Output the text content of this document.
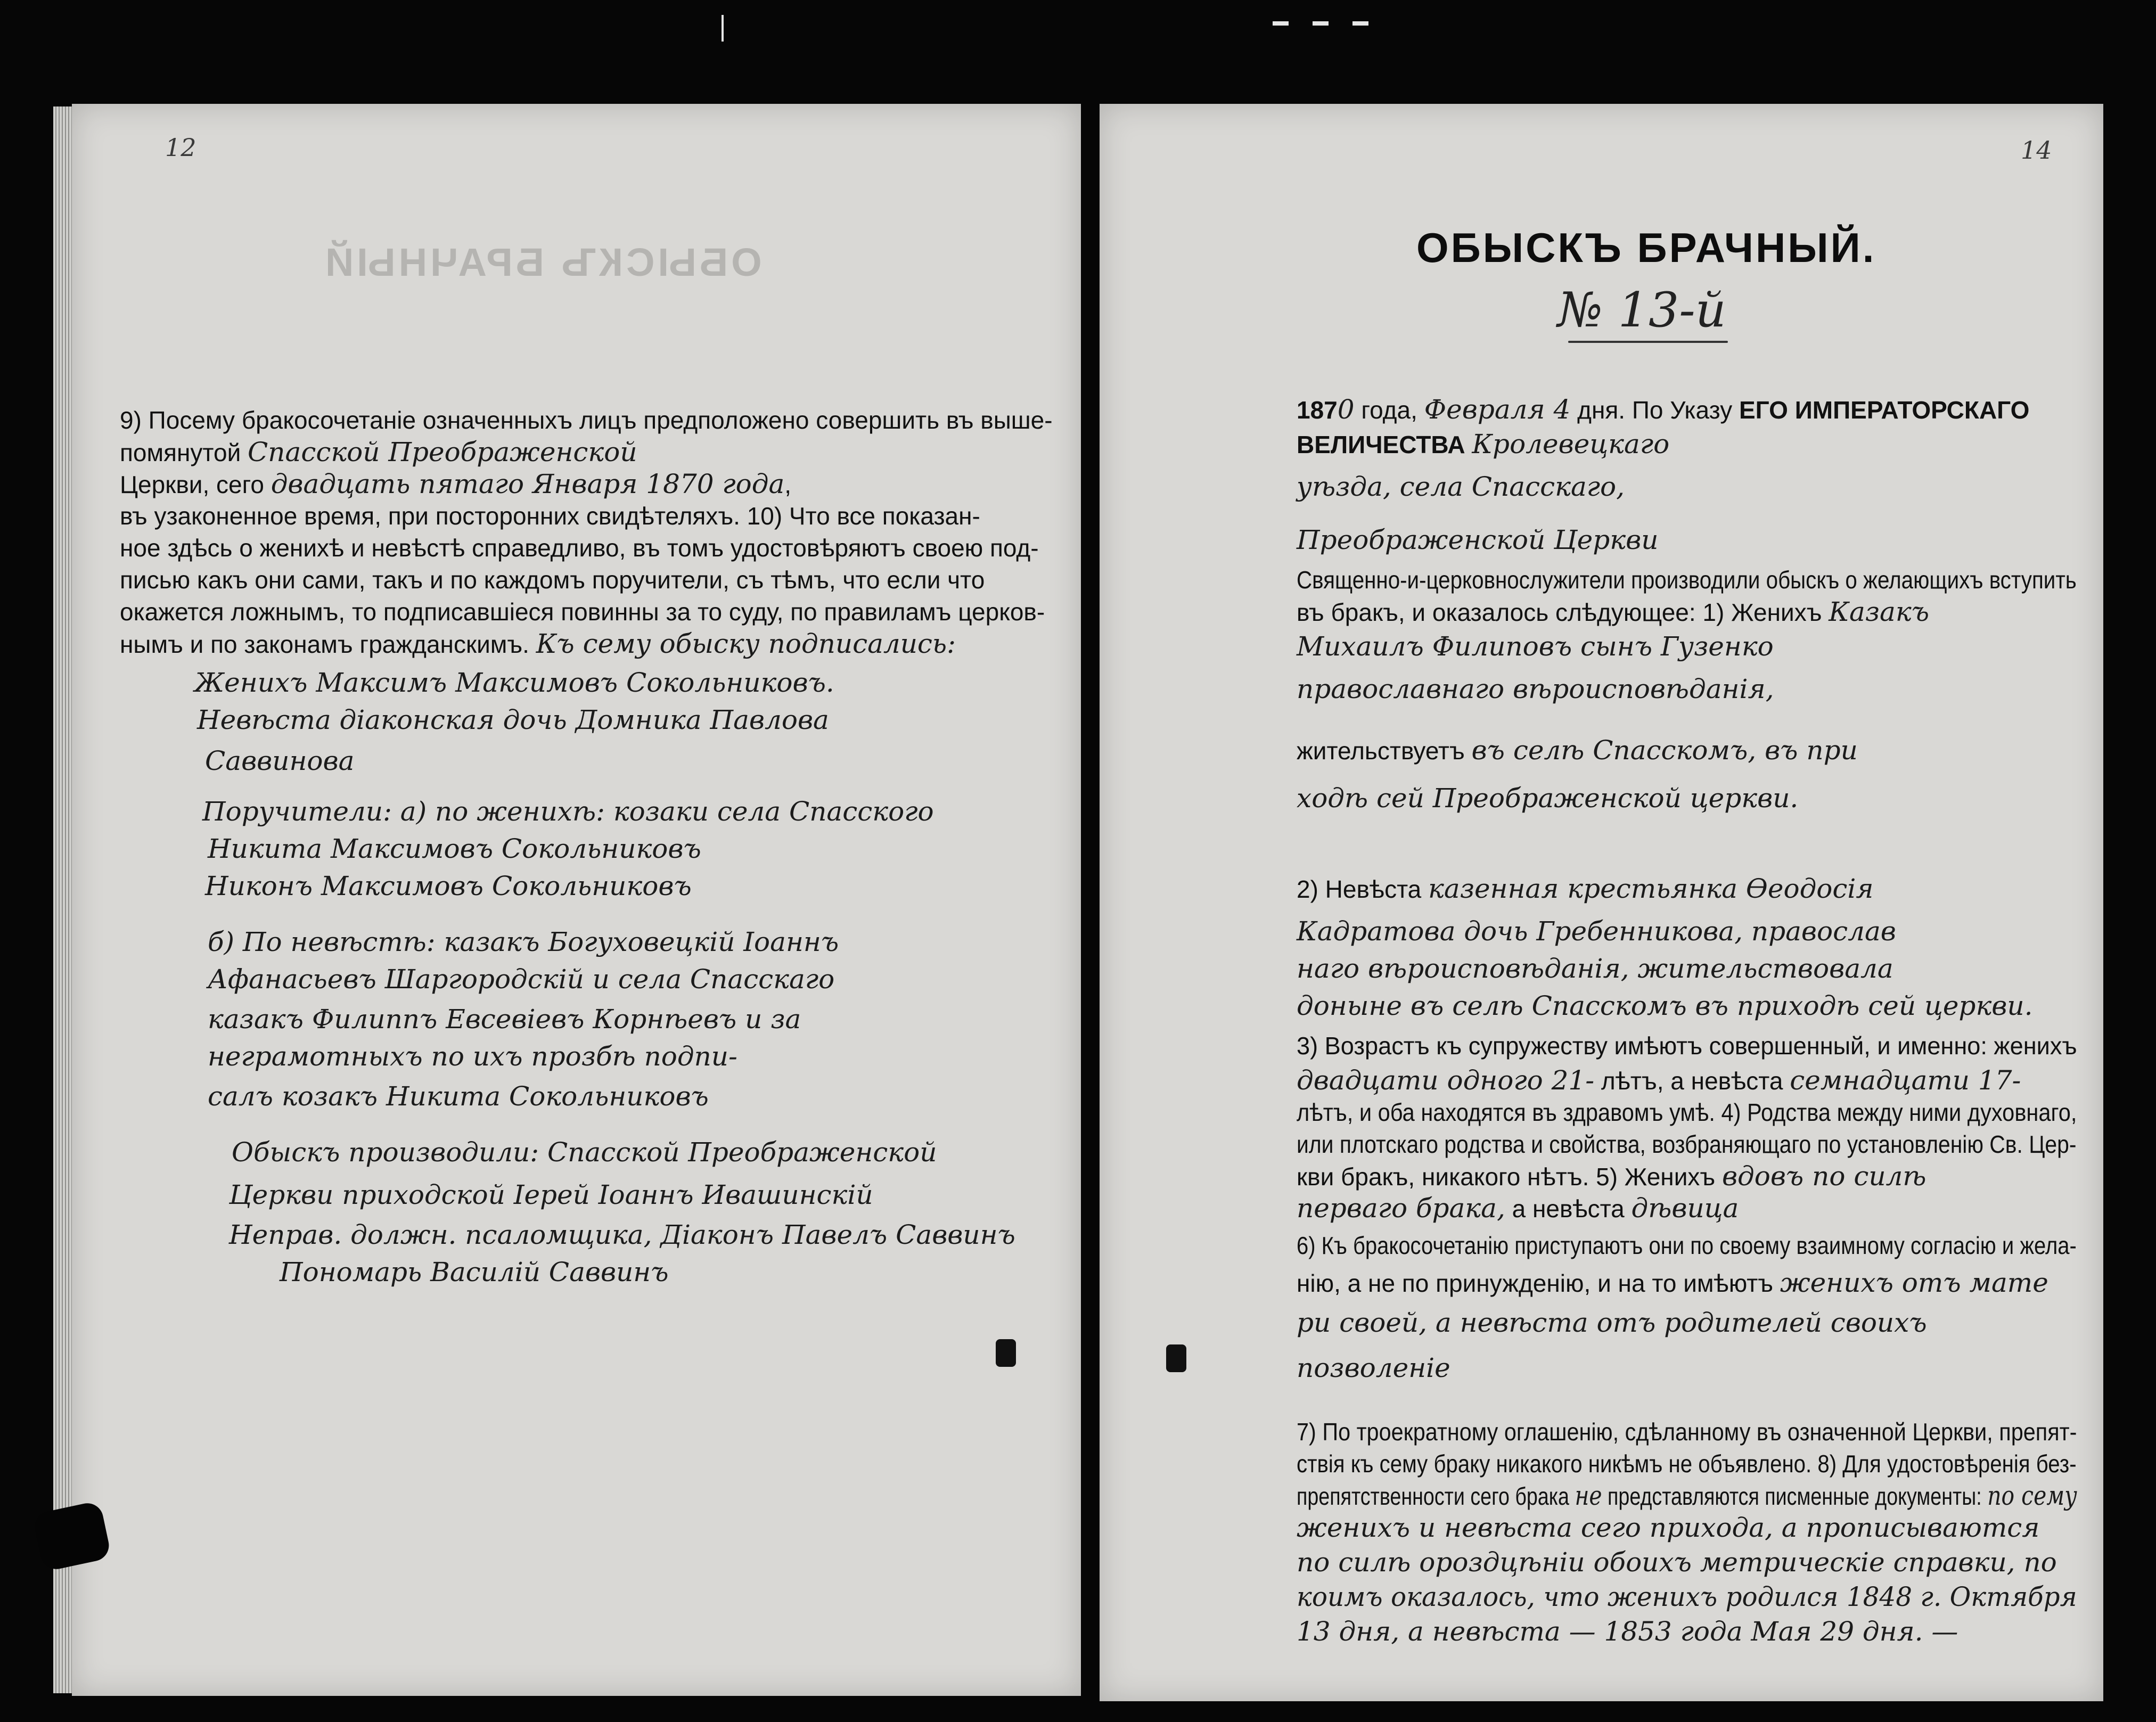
12
ОБЫСКЪ БРАЧНЫЙ
9) Посему бракосочетаніе означенныхъ лицъ предположено совершить въ выше-
помянутой Спасской Преображенской
Церкви, сего двадцать пятаго Января 1870 года,
въ узаконенное время, при посторонних свидѣтеляхъ. 10) Что все показан-
ное здѣсь о женихѣ и невѣстѣ справедливо, въ томъ удостовѣряютъ своею под-
писью какъ они сами, такъ и по каждомъ поручители, съ тѣмъ, что если что
окажется ложнымъ, то подписавшіеся повинны за то суду, по правиламъ церков-
нымъ и по законамъ гражданскимъ. Къ сему обыску подписались:
Женихъ Максимъ Максимовъ Сокольниковъ.
Невѣста діаконская дочь Домника Павлова
Саввинова
Поручители: а) по женихѣ: козаки села Спасского
Никита Максимовъ Сокольниковъ
Никонъ Максимовъ Сокольниковъ
б) По невѣстѣ: казакъ Богуховецкій Іоаннъ
Афанасьевъ Шаргородскій и села Спасскаго
казакъ Филиппъ Евсевіевъ Корнѣевъ и за
неграмотныхъ по ихъ прозбѣ подпи-
салъ козакъ Никита Сокольниковъ
Обыскъ производили: Спасской Преображенской
Церкви приходской Іерей Іоаннъ Ивашинскій
Неправ. должн. псаломщика, Діаконъ Павелъ Саввинъ
Пономарь Василій Саввинъ
14
ОБЫСКЪ БРАЧНЫЙ.
№ 13-й
1870 года, Февраля 4 дня. По Указу ЕГО ИМПЕРАТОРСКАГО
ВЕЛИЧЕСТВА Кролевецкаго
уѣзда, села Спасскаго,
Преображенской Церкви
Священно-и-церковнослужители производили обыскъ о желающихъ вступить
въ бракъ, и оказалось слѣдующее: 1) Женихъ Казакъ
Михаилъ Филиповъ сынъ Гузенко
православнаго вѣроисповѣданія,
жительствуетъ въ селѣ Спасскомъ, въ при
ходѣ сей Преображенской церкви.
2) Невѣста казенная крестьянка Ѳеодосія
Кадратова дочь Гребенникова, православ
наго вѣроисповѣданія, жительствовала
доныне въ селѣ Спасскомъ въ приходѣ сей церкви.
3) Возрастъ къ супружеству имѣютъ совершенный, и именно: женихъ
двадцати одного 21- лѣтъ, а невѣста семнадцати 17-
лѣтъ, и оба находятся въ здравомъ умѣ. 4) Родства между ними духовнаго,
или плотскаго родства и свойства, возбраняющаго по установленію Св. Цер-
кви бракъ, никакого нѣтъ. 5) Женихъ вдовъ по силѣ
перваго брака, а невѣста дѣвица
6) Къ бракосочетанію приступаютъ они по своему взаимному согласію и жела-
нію, а не по принужденію, и на то имѣютъ женихъ отъ мате
ри своей, а невѣста отъ родителей своихъ
позволеніе
7) По троекратному оглашенію, сдѣланному въ означенной Церкви, препят-
ствія къ сему браку никакого никѣмъ не объявлено. 8) Для удостовѣренія без-
препятственности сего брака не представляются писменные документы: по сему
женихъ и невѣста сего прихода, а прописываются
по силѣ ороздцѣніи обоихъ метрическіе справки, по
коимъ оказалось, что женихъ родился 1848 г. Октября
13 дня, а невѣста — 1853 года Мая 29 дня. —
